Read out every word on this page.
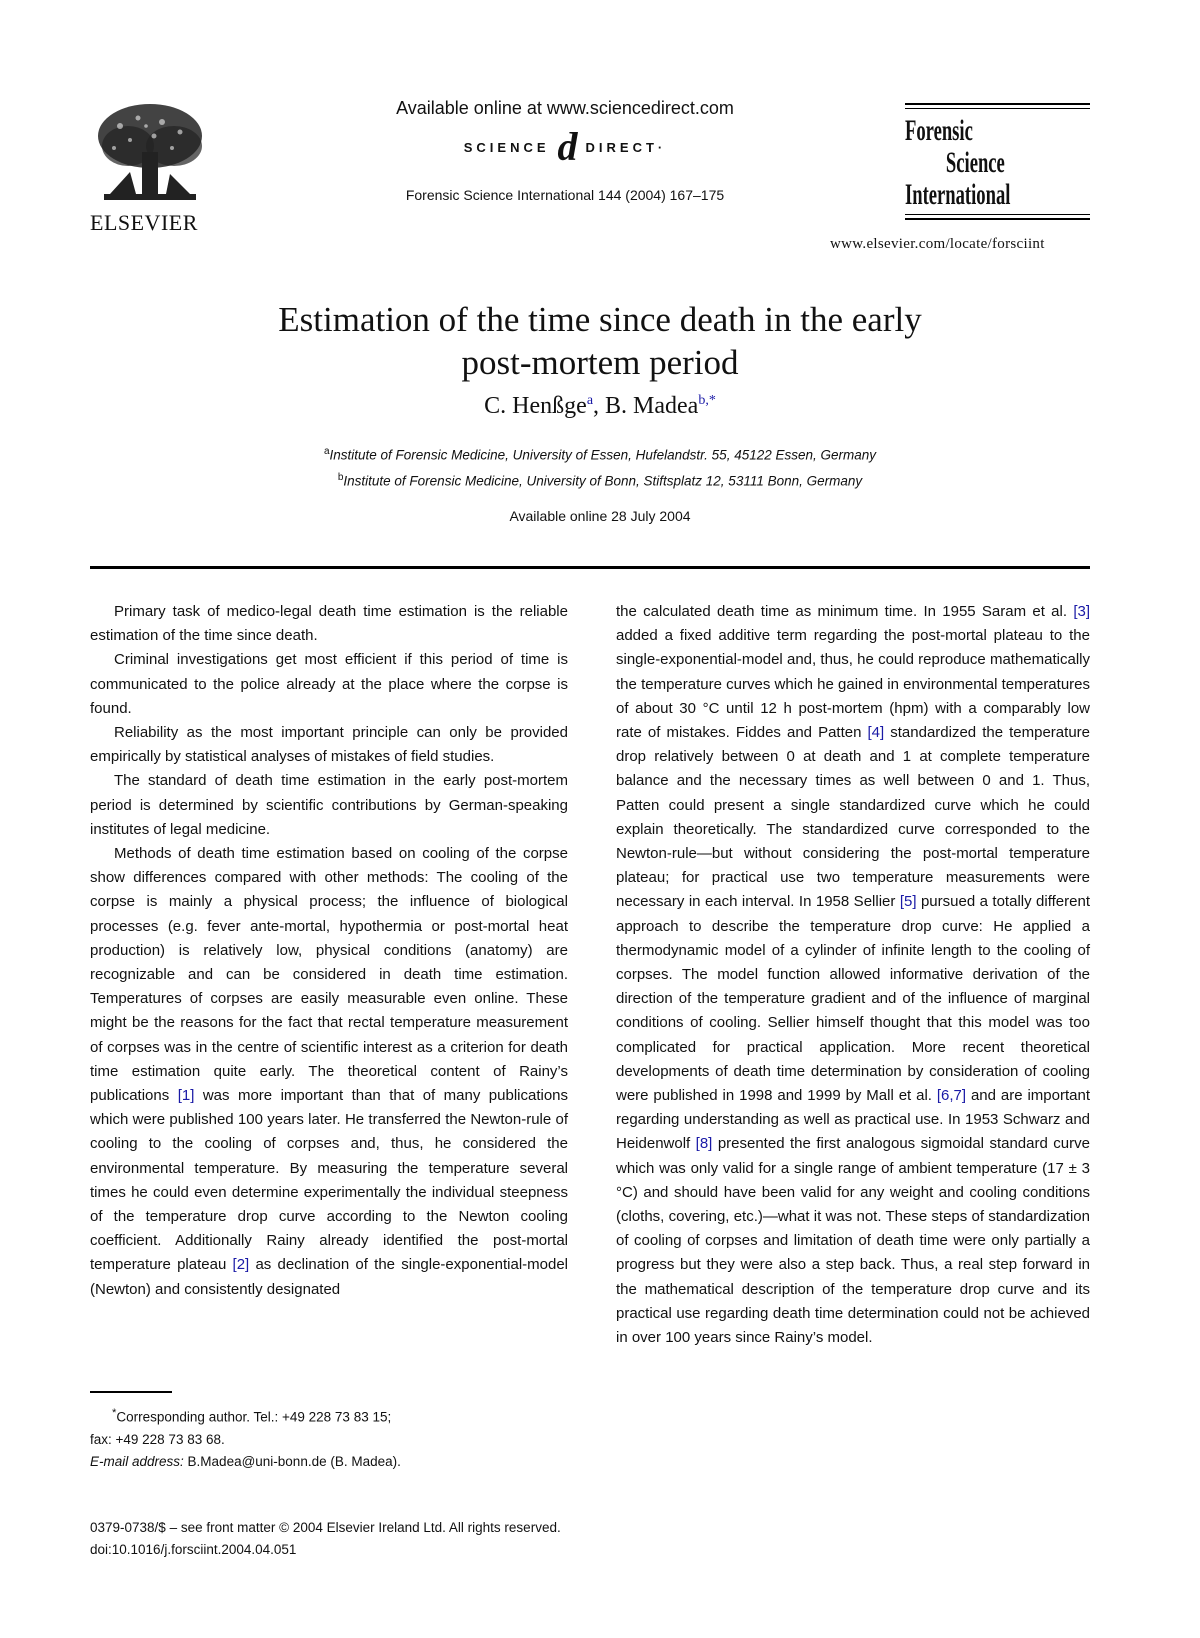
ELSEVIER
Available online at www.sciencedirect.com
SCIENCE d DIRECT·
Forensic Science International 144 (2004) 167–175
Forensic
Science
International
www.elsevier.com/locate/forsciint
Estimation of the time since death in the early
post-mortem period
C. Henßge$^a$, B. Madea$^{b,*}$
$^a$Institute of Forensic Medicine, University of Essen, Hufelandstr. 55, 45122 Essen, Germany
$^b$Institute of Forensic Medicine, University of Bonn, Stiftsplatz 12, 53111 Bonn, Germany
Available online 28 July 2004

Primary task of medico-legal death time estimation is the reliable estimation of the time since death.

Criminal investigations get most efficient if this period of time is communicated to the police already at the place where the corpse is found.

Reliability as the most important principle can only be provided empirically by statistical analyses of mistakes of field studies.

The standard of death time estimation in the early post-mortem period is determined by scientific contributions by German-speaking institutes of legal medicine.

Methods of death time estimation based on cooling of the corpse show differences compared with other methods: The cooling of the corpse is mainly a physical process; the influence of biological processes (e.g. fever ante-mortal, hypothermia or post-mortal heat production) is relatively low, physical conditions (anatomy) are recognizable and can be considered in death time estimation. Temperatures of corpses are easily measurable even online. These might be the reasons for the fact that rectal temperature measurement of corpses was in the centre of scientific interest as a criterion for death time estimation quite early. The theoretical content of Rainy’s publications [1] was more important than that of many publications which were published 100 years later. He transferred the Newton-rule of cooling to the cooling of corpses and, thus, he considered the environmental temperature. By measuring the temperature several times he could even determine experimentally the individual steepness of the temperature drop curve according to the Newton cooling coefficient. Additionally Rainy already identified the post-mortal temperature plateau [2] as declination of the single-exponential-model (Newton) and consistently designated

the calculated death time as minimum time. In 1955 Saram et al. [3] added a fixed additive term regarding the post-mortal plateau to the single-exponential-model and, thus, he could reproduce mathematically the temperature curves which he gained in environmental temperatures of about 30 °C until 12 h post-mortem (hpm) with a comparably low rate of mistakes. Fiddes and Patten [4] standardized the temperature drop relatively between 0 at death and 1 at complete temperature balance and the necessary times as well between 0 and 1. Thus, Patten could present a single standardized curve which he could explain theoretically. The standardized curve corresponded to the Newton-rule—but without considering the post-mortal temperature plateau; for practical use two temperature measurements were necessary in each interval. In 1958 Sellier [5] pursued a totally different approach to describe the temperature drop curve: He applied a thermodynamic model of a cylinder of infinite length to the cooling of corpses. The model function allowed informative derivation of the direction of the temperature gradient and of the influence of marginal conditions of cooling. Sellier himself thought that this model was too complicated for practical application. More recent theoretical developments of death time determination by consideration of cooling were published in 1998 and 1999 by Mall et al. [6,7] and are important regarding understanding as well as practical use. In 1953 Schwarz and Heidenwolf [8] presented the first analogous sigmoidal standard curve which was only valid for a single range of ambient temperature (17 ± 3 °C) and should have been valid for any weight and cooling conditions (cloths, covering, etc.)—what it was not. These steps of standardization of cooling of corpses and limitation of death time were only partially a progress but they were also a step back. Thus, a real step forward in the mathematical description of the temperature drop curve and its practical use regarding death time determination could not be achieved in over 100 years since Rainy’s model.

*Corresponding author. Tel.: +49 228 73 83 15;
fax: +49 228 73 83 68.
E-mail address: B.Madea@uni-bonn.de (B. Madea).
0379-0738/$ – see front matter © 2004 Elsevier Ireland Ltd. All rights reserved.
doi:10.1016/j.forsciint.2004.04.051
